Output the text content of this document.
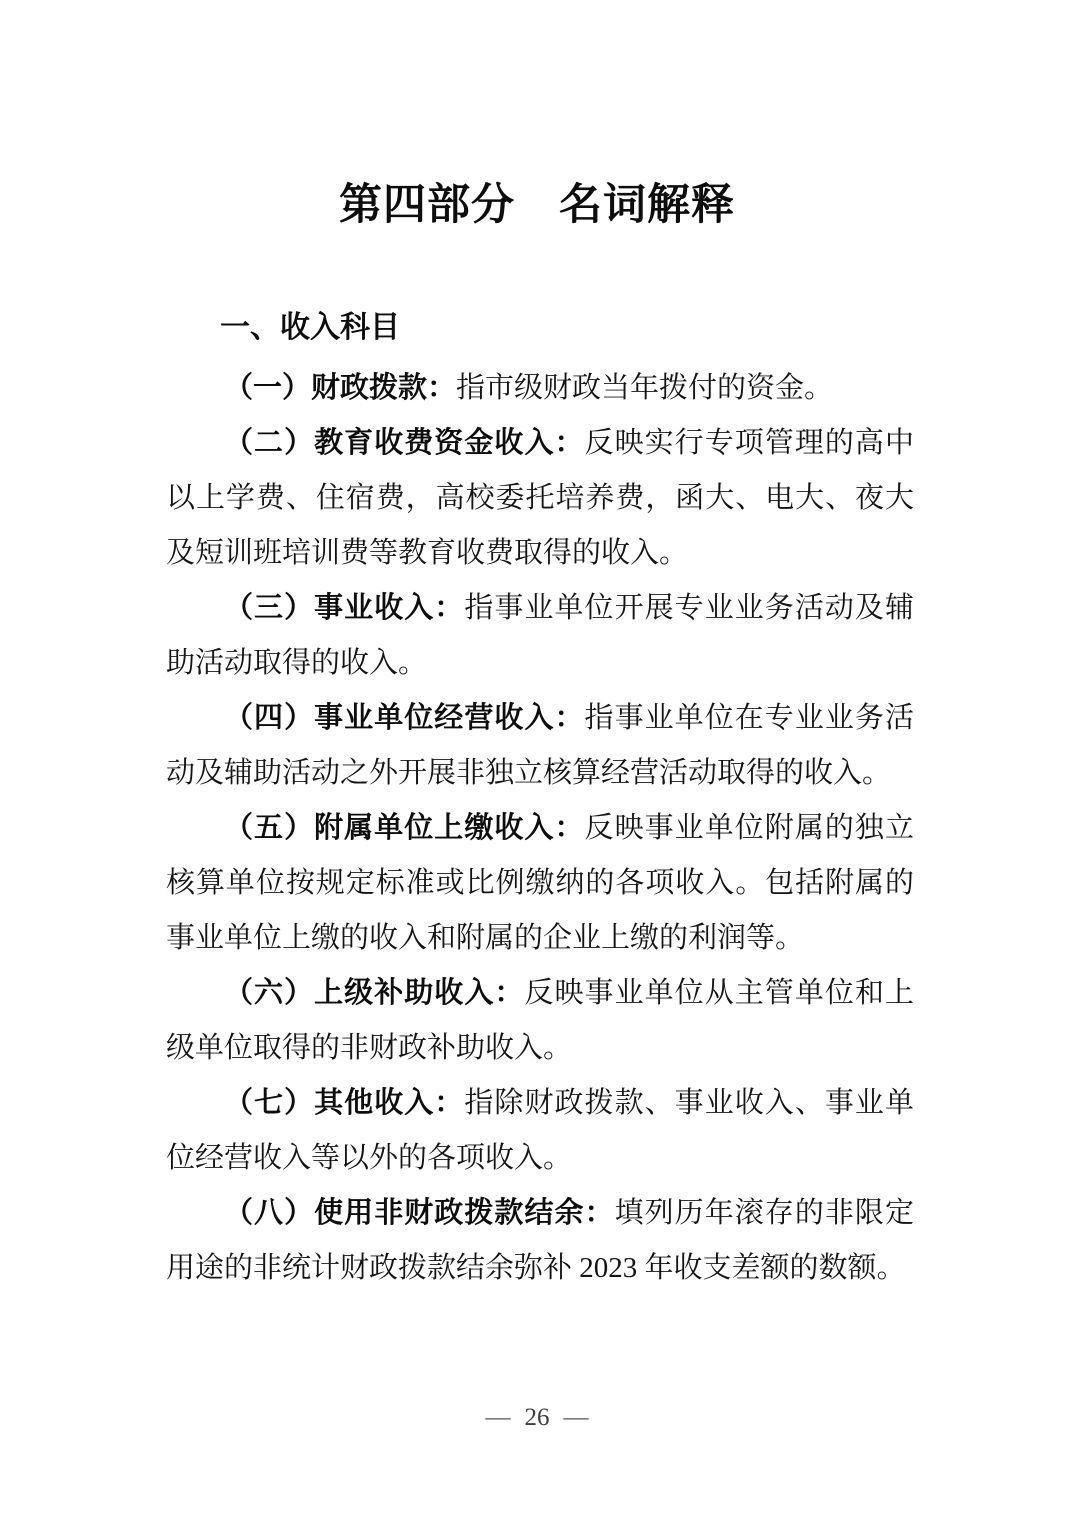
第四部分　名词解释
一、收入科目

（一）财政拨款：指市级财政当年拨付的资金。

（二）教育收费资金收入：反映实行专项管理的高中以上学费、住宿费，高校委托培养费，函大、电大、夜大及短训班培训费等教育收费取得的收入。

（三）事业收入：指事业单位开展专业业务活动及辅助活动取得的收入。

（四）事业单位经营收入：指事业单位在专业业务活动及辅助活动之外开展非独立核算经营活动取得的收入。

（五）附属单位上缴收入：反映事业单位附属的独立核算单位按规定标准或比例缴纳的各项收入。包括附属的事业单位上缴的收入和附属的企业上缴的利润等。

（六）上级补助收入：反映事业单位从主管单位和上级单位取得的非财政补助收入。

（七）其他收入：指除财政拨款、事业收入、事业单位经营收入等以外的各项收入。

（八）使用非财政拨款结余：填列历年滚存的非限定用途的非统计财政拨款结余弥补 2023 年收支差额的数额。

— 26 —
